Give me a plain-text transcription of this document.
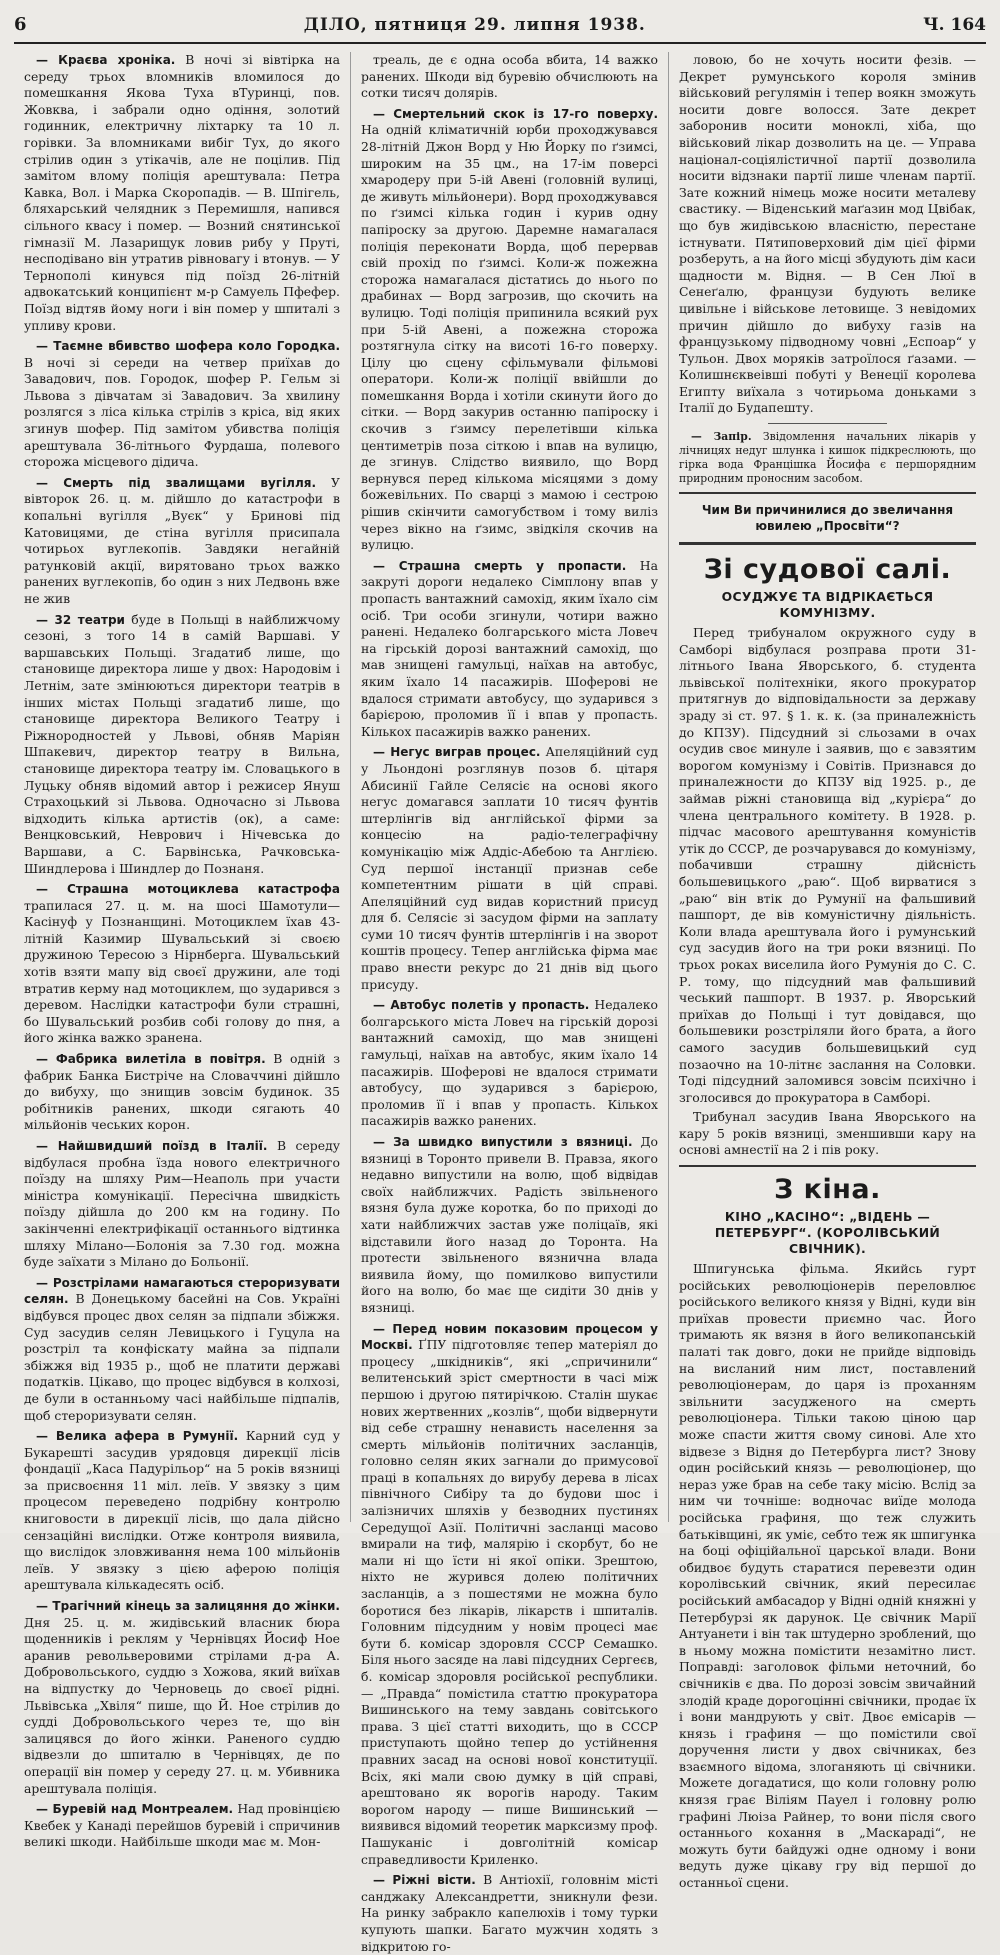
6	ДІЛО, пятниця 29. липня 1938.	Ч. 164

— Краєва хроніка. В ночі зі вівтірка на середу трьох вломників вломилося до помешкання Якова Туха вТуринці, пов. Жовква, і забрали одно одіння, золотий годинник, електричну ліхтарку та 10 л. горівки. За вломниками вибіг Тух, до якого стрілив один з утікачів, але не поцілив. Під замітом вломy поліція арештувала: Петра Кавка, Вол. і Марка Скоропадів. — В. Шпігель, бляхарський челядник з Перемишля, напився сільного квасу і помер. — Возний снятинської гімназії М. Лазарищук ловив рибу у Пруті, несподівано він утратив рівновагу і втонув. — У Тернополі кинувся під поїзд 26-літній адвокатський конципієнт м-р Самуель Пфефер. Поїзд відтяв йому ноги і він помер у шпиталі з упливу крови.

— Таємне вбивство шофера коло Городка. В ночі зі середи на четвер приїхав до Завадович, пов. Городок, шофер Р. Гельм зі Львова з дівчатам зі Завадович. За хвилину розлягся з ліса кілька стрілів з кріса, від яких згинув шофер. Під замітом убивства поліція арештувала 36-літнього Фурдаша, полевого сторожа місцевого дідича.

— Смерть під звалищами вугілля. У вівторок 26. ц. м. дійшло до катастрофи в копальні вугілля „Вуєк“ у Бринові під Катовицями, де стіна вугілля присипала чотирьох вуглекопів. Завдяки негайній ратунковій акції, вирятовано трьох важко ранених вуглекопів, бо один з них Ледвонь вже не жив

— 32 театри буде в Польщі в найближчому сезоні, з того 14 в самій Варшаві. У варшавських Польщі. Згадатиб лише, що становище директора лише у двох: Народовім і Летнім, зате змінюються директори театрів в інших містах Польщі згадатиб лише, що становище директора Великого Театру і Ріжнородностей у Львові, обняв Маріян Шпакевич, директор театру в Вильна, становище директора театру ім. Словацького в Луцьку обняв відомий автор і режисер Януш Страхоцький зі Львова. Одночасно зі Львова відходить кілька артистів (ок), а саме: Венцковський, Неврович і Нічевська до Варшави, а С. Барвінська, Рачковська-Шиндлерова і Шиндлер до Познаня.

— Страшна мотоциклева катастрофа трапилася 27. ц. м. на шосі Шамотули—Касінуф у Познанщині. Мотоциклем їхав 43-літній Казимир Шувальський зі своєю дружиною Тересою з Нірнберга. Шувальський хотів взяти мапу від своєї дружини, але тоді втратив керму над мотоциклем, що зударився з деревом. Наслідки катастрофи були страшні, бо Шувальський розбив собі голову до пня, а його жінка важко зранена.

— Фабрика вилетіла в повітря. В одній з фабрик Банка Бистріче на Словаччині дійшло до вибуху, що знищив зовсім будинок. 35 робітників ранених, шкоди сягають 40 мільйонів чеських корон.

— Найшвидший поїзд в Італії. В середу відбулася пробна їзда нового електричного поїзду на шляху Рим—Неаполь при участи міністра комунікації. Пересічна швидкість поїзду дійшла до 200 км на годину. По закінченні електрифікації останнього відтинка шляху Мілано—Болонія за 7.30 год. можна буде заїхати з Мілано до Больонії.

— Розстрілами намагаються стероризувати селян. В Донецькому басейні на Сов. Україні відбувся процес двох селян за підпали збіжжя. Суд засудив селян Левицького і Гуцула на розстріл та конфіскату майна за підпали збіжжя від 1935 р., щоб не платити державі податків. Цікаво, що процес відбувся в колхозі, де були в останньому часі найбільше підпалів, щоб стероризувати селян.

— Велика афера в Румунії. Карний суд у Букарешті засудив урядовця дирекції лісів фондації „Каса Падурільор“ на 5 років вязниці за присвоєння 11 міл. леїв. У звязку з цим процесом переведено подрібну контролю книговости в дирекції лісів, що дала дійсно сензаційні вислідки. Отже контроля виявила, що вислідок зловживання нема 100 мільйонів леїв. У звязку з цією аферою поліція арештувала кількадесять осіб.

— Трагічний кінець за залицяння до жінки. Дня 25. ц. м. жидівський власник бюра щоденників і реклям у Чернівцях Йосиф Ное аранив револьверовими стрілами д-ра А. Добровольського, суддю з Хожова, який виїхав на відпустку до Черновець до своєї рідні. Львівська „Хвіля“ пише, що Й. Ное стрілив до судді Добровольського через те, що він залицявся до його жінки. Раненого суддю відвезли до шпиталю в Чернівцях, де по операції він помер у середу 27. ц. м. Убивника арештувала поліція.

— Буревій над Монтреалем. Над провінцією Квебек у Канаді перейшов буревій і спричинив великі шкоди. Найбільше шкоди має м. Мон-

треаль, де є одна особа вбита, 14 важко ранених. Шкоди від буревію обчислюють на сотки тисяч долярів.

— Смертельний скок із 17-го поверху. На одній кліматичній юрби проходжувався 28-літній Джон Ворд у Ню Йорку по ґзимсі, широким на 35 цм., на 17-ім поверсі хмародеру при 5-ій Авені (головній вулиці, де живуть мільйонери). Ворд проходжувався по ґзимсі кілька годин і курив одну папіроску за другою. Даремне намагалася поліція переконати Ворда, щоб перервав свій прохід по ґзимсі. Коли-ж пожежна сторожа намагалася дістатись до нього по драбинах — Ворд загрозив, що скочить на вулицю. Тоді поліція припинила всякий рух при 5-ій Авені, а пожежна сторожа розтягнула сітку на висоті 16-го поверху. Цілу цю сцену сфільмували фільмові оператори. Коли-ж поліції ввійшли до помешкання Ворда і хотіли скинути його до сітки. — Ворд закурив останню папіроску і скочив з ґзимсу перелетівши кілька центиметрів поза сіткою і впав на вулицю, де згинув. Слідство виявило, що Ворд вернувся перед кількома місяцями з дому божевільних. По сварці з мамою і сестрою рішив скінчити самогубством і тому виліз через вікно на ґзимс, звідкіля скочив на вулицю.

— Страшна смерть у пропасти. На закруті дороги недалеко Сімплону впав у пропасть вантажний самохід, яким їхало сім осіб. Три особи згинули, чотири важно ранені. Недалеко болгарського міста Ловеч на гірській дорозі вантажний самохід, що мав знищені гамульці, наїхав на автобус, яким їхало 14 пасажирів. Шоферові не вдалося стримати автобусу, що зударився з барієрою, проломив її і впав у пропасть. Кількох пасажирів важко ранених.

— Негус виграв процес. Апеляційний суд у Льондоні розглянув позов б. цітаря Абисинії Гайле Селясіє на основі якого негус домагався заплати 10 тисяч фунтів штерлінгів від англійської фірми за концесію на радіо-телеграфічну комунікацію між Аддіс-Абебою та Англією. Суд першої інстанції признав себе компетентним рішати в цій справі. Апеляційний суд видав користний присуд для б. Селясіє зі засудом фірми на заплату суми 10 тисяч фунтів штерлінгів і на зворот коштів процесу. Тепер англійська фірма має право внести рекурс до 21 днів від цього присуду.

— Автобус полетів у пропасть. Недалеко болгарського міста Ловеч на гірській дорозі вантажний самохід, що мав знищені гамульці, наїхав на автобус, яким їхало 14 пасажирів. Шоферові не вдалося стримати автобусу, що зударився з барієрою, проломив її і впав у пропасть. Кількох пасажирів важко ранених.

— За швидко випустили з вязниці. До вязниці в Торонто привели В. Правза, якого недавно випустили на волю, щоб відвідав своїх найближчих. Радість звільненого вязня була дуже коротка, бо по приході до хати найближчих застав уже поліцаїв, які відставили його назад до Торонта. На протести звільненого вязнична влада виявила йому, що помилково випустили його на волю, бо має ще сидіти 30 днів у вязниці.

— Перед новим показовим процесом у Москві. ҐПУ підготовляє тепер матеріял до процесу „шкідників“, які „спричинили“ велитенський зріст смертности в часі між першою і другою пятирічкою. Сталін шукає нових жертвенних „козлів“, щоби відвернути від себе страшну ненависть населення за смерть мільйонів політичних засланців, головно селян яких загнали до примусової праці в копальнях до вирубу дерева в лісах північного Сибіру та до будови шос і залізничих шляхів у безводних пустинях Середущої Азії. Політичні засланці масово вмирали на тиф, малярію і скорбут, бо не мали ні що їсти ні якої опіки. Зрештою, ніхто не журився долею політичних засланців, а з пошестями не можна було боротися без лікарів, лікарств і шпиталів. Головним підсудним у новім процесі має бути б. комісар здоровля СССР Семашко. Біля нього засяде на лаві підсудних Сергеєв, б. комісар здоровля російської республики. — „Правда“ помістила статтю прокуратора Вишинського на тему завдань совітського права. З цієї статті виходить, що в СССР приступають щойно тепер до устійнення правних засад на основі нової конституції. Всіх, які мали свою думку в цій справі, арештовано як ворогів народу. Таким ворогом народу — пише Вишинський — виявився відомий теоретик марксизму проф. Пашуканіс і довголітній комісар справедливости Криленко.

— Ріжні вісти. В Антіохії, головнім місті санджаку Александретти, зникнули фези. На ринку забракло капелюхів і тому турки купують шапки. Багато мужчин ходять з відкритою го-

ловою, бо не хочуть носити фезів. — Декрет румунського короля змінив військовий регулямін і тепер воякн зможуть носити довге волосся. Зате декрет заборонив носити моноклі, хіба, що військовий лікар дозволить на це. — Управа націонал-соціялістичної партії дозволила носити відзнаки партії лише членам партії. Зате кожний німець може носити металеву свастику. — Віденський маґазин мод Цвібак, що був жидівською власністю, перестане істнувати. Пятиповерховий дім цієї фірми розберуть, а на його місці збудують дім каси щадности м. Відня. — В Сен Люї в Сенеґалю, французи будують велике цивільне і військове летовище. З невідомих причин дійшло до вибуху газів на французькому підводному човні „Еспоар“ у Тульон. Двох моряків затроїлося ґазами. — Колишнєквеівші побуті у Венеції королева Египту виїхала з чотирьома доньками з Італії до Будапешту.

— Запір. Звідомлення начальних лікарів у лічницях недуг шлунка і кишок підкреслюють, що гірка вода Францішка Йосифа є першорядним природним проносним засобом.

Чим Ви причинилися до звеличання ювилею „Просвіти“?
Зі судової салі.
ОСУДЖУЄ ТА ВІДРІКАЄТЬСЯ КОМУНІЗМУ.

Перед трибуналом окружного суду в Самборі відбулася розправа проти 31-літнього Івана Яворського, б. студента львівської політехніки, якого прокуратор притягнув до відповідальности за державу зраду зі ст. 97. § 1. к. к. (за приналежність до КПЗУ). Підсудний зі сльозами в очах осудив своє минуле і заявив, що є завзятим ворогом комунізму і Совітів. Признався до приналежности до КПЗУ від 1925. р., де займав ріжні становища від „курієра“ до члена центрального комітету. В 1928. р. підчас масового арештування комуністів утік до СССР, де розчарувався до комунізму, побачивши страшну дійсність большевицького „раю“. Щоб вирватися з „раю“ він втік до Румунії на фальшивий пашпорт, де вів комуністичну діяльність. Коли влада арештувала його і румунський суд засудив його на три роки вязниці. По трьох роках виселила його Румунія до С. С. Р. тому, що підсудний мав фальшивий чеський пашпорт. В 1937. р. Яворський приїхав до Польщі і тут довідався, що большевики розстріляли його брата, а його самого засудив большевицький суд позаочно на 10-літнє заслання на Соловки. Тоді підсудний заломився зовсім психічно і зголосився до прокуратора в Самборі.

Трибунал засудив Івана Яворського на кару 5 років вязниці, зменшивши кару на основі амнестії на 2 і пів року.

З кіна.
КІНО „КАСІНО“: „ВІДЕНЬ — ПЕТЕРБУРГ“. (КОРОЛІВСЬКИЙ СВІЧНИК).

Шпигунська фільма. Якийсь гурт російських революціонерів переловлює російського великого князя у Відні, куди він приїхав провести приємно час. Його тримають як вязня в його великопанській палаті так довго, доки не прийде відповідь на висланий ним лист, поставлений революціонерам, до царя із проханням звільнити засудженого на смерть революціонера. Тільки такою ціною цар може спасти життя свому синові. Але хто відвезе з Відня до Петербурга лист? Знову один російський князь — революціонер, що нераз уже брав на себе таку місію. Вслід за ним чи точніше: водночас виїде молода російська графиня, що теж служить батьківщині, як уміє, себто теж як шпигунка на боці офіційальної царської влади. Вони обидвоє будуть старатися перевезти один королівський свічник, який пересилає російський амбасадор у Відні одній княжні у Петербурзі як дарунок. Це свічник Марії Антуанети і він так штудерно зроблений, що в ньому можна помістити незамітно лист. Поправді: заголовок фільми неточний, бо свічників є два. По дорозі зовсім звичайний злодій краде дорогоцінні свічники, продає їх і вони мандрують у світ. Двоє емісарів — князь і графиня — що помістили свої доручення листи у двох свічниках, без взаємного відома, злоганяють ці свічники. Можете догадатися, що коли головну ролю князя грає Віліям Пауел і головну ролю графині Люіза Райнер, то вони після свого останнього кохання в „Маскараді“, не можуть бути байдужі одне одному і вони ведуть дуже цікаву гру від першої до останньої сцени.
